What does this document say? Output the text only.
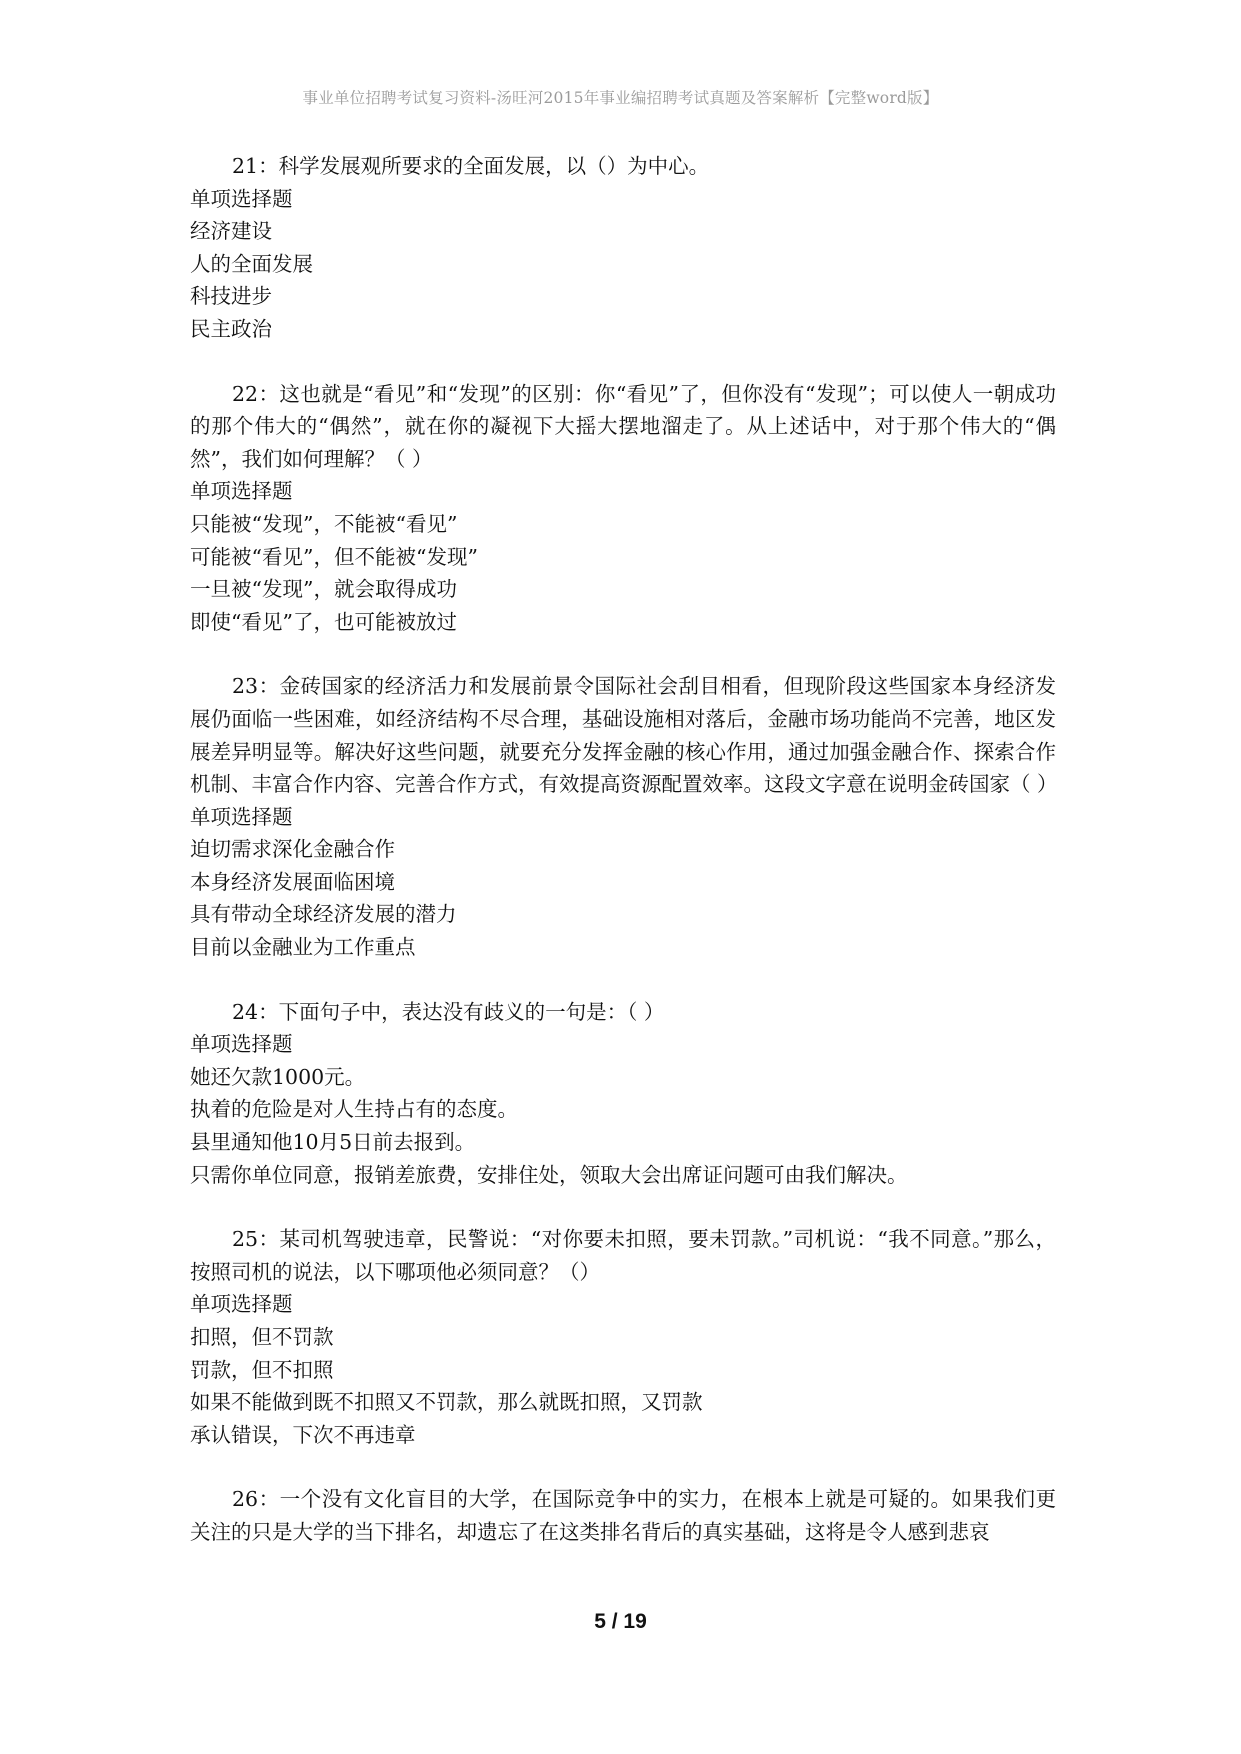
事业单位招聘考试复习资料-汤旺河2015年事业编招聘考试真题及答案解析【完整word版】

21：科学发展观所要求的全面发展，以（）为中心。

单项选择题

经济建设

人的全面发展

科技进步

民主政治

22：这也就是“看见”和“发现”的区别：你“看见”了，但你没有“发现”；可以使人一朝成功的那个伟大的“偶然”，就在你的凝视下大摇大摆地溜走了。从上述话中，对于那个伟大的“偶然”，我们如何理解？（ ）

单项选择题

只能被“发现”，不能被“看见”

可能被“看见”，但不能被“发现”

一旦被“发现”，就会取得成功

即使“看见”了，也可能被放过

23：金砖国家的经济活力和发展前景令国际社会刮目相看，但现阶段这些国家本身经济发展仍面临一些困难，如经济结构不尽合理，基础设施相对落后，金融市场功能尚不完善，地区发展差异明显等。解决好这些问题，就要充分发挥金融的核心作用，通过加强金融合作、探索合作机制、丰富合作内容、完善合作方式，有效提高资源配置效率。这段文字意在说明金砖国家（ ）

单项选择题

迫切需求深化金融合作

本身经济发展面临困境

具有带动全球经济发展的潜力

目前以金融业为工作重点

24：下面句子中，表达没有歧义的一句是：（ ）

单项选择题

她还欠款1000元。

执着的危险是对人生持占有的态度。

县里通知他10月5日前去报到。

只需你单位同意，报销差旅费，安排住处，领取大会出席证问题可由我们解决。

25：某司机驾驶违章，民警说：“对你要未扣照，要未罚款。”司机说：“我不同意。”那么，按照司机的说法，以下哪项他必须同意？（）

单项选择题

扣照，但不罚款

罚款，但不扣照

如果不能做到既不扣照又不罚款，那么就既扣照，又罚款

承认错误，下次不再违章

26：一个没有文化盲目的大学，在国际竞争中的实力，在根本上就是可疑的。如果我们更关注的只是大学的当下排名，却遗忘了在这类排名背后的真实基础，这将是令人感到悲哀

5 / 19
